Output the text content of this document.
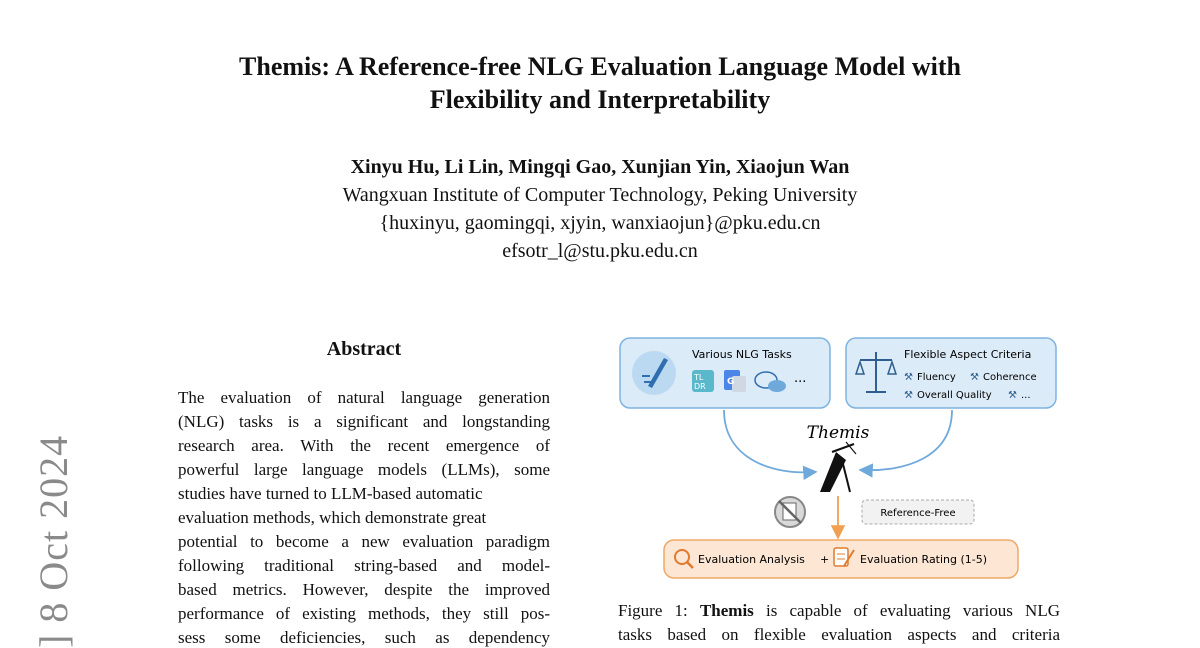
Themis: A Reference-free NLG Evaluation Language Model with
Flexibility and Interpretability
Xinyu Hu, Li Lin, Mingqi Gao, Xunjian Yin, Xiaojun Wan
Wangxuan Institute of Computer Technology, Peking University
{huxinyu, gaomingqi, xjyin, wanxiaojun}@pku.edu.cn
efsotr_l@stu.pku.edu.cn
] 8 Oct 2024
Abstract
The evaluation of natural language generation
(NLG) tasks is a significant and longstanding
research area. With the recent emergence of
powerful large language models (LLMs), some
studies have turned to LLM-based automatic
evaluation methods, which demonstrate great
potential to become a new evaluation paradigm
following traditional string-based and model-
based metrics. However, despite the improved
performance of existing methods, they still pos-
sess some deficiencies, such as dependency
Various NLG Tasks
TL
DR G	···
Flexible Aspect Criteria
⚒ Fluency ⚒ Coherence
⚒ Overall Quality ⚒ ...
Themis
Reference-Free
Evaluation Analysis +	Evaluation Rating (1-5)
Figure 1: Themis is capable of evaluating various NLG
tasks based on flexible evaluation aspects and criteria
